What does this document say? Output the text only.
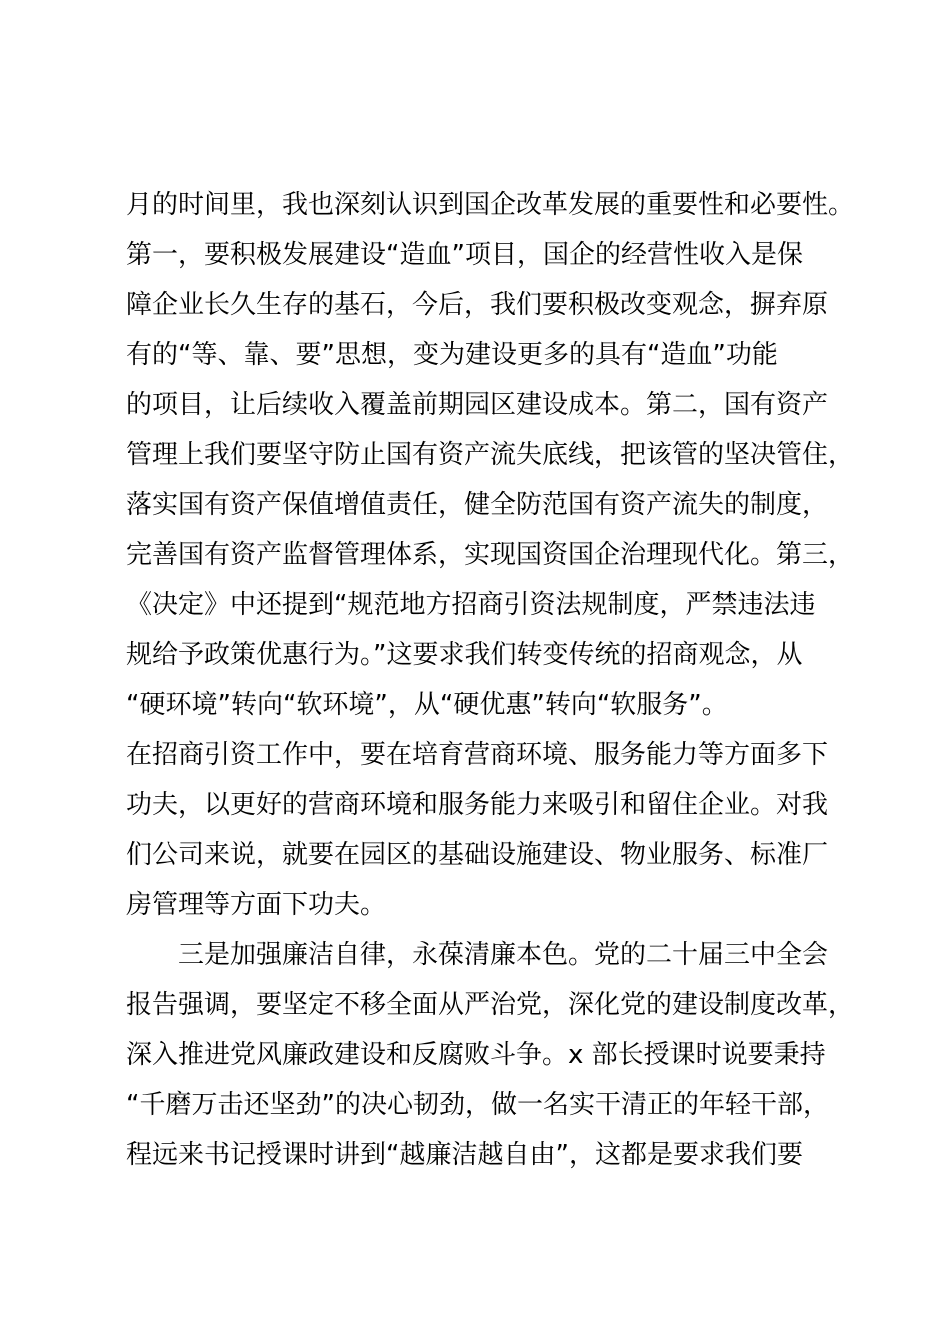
月的时间里，我也深刻认识到国企改革发展的重要性和必要性。
第一，要积极发展建设“造血”项目，国企的经营性收入是保
障企业长久生存的基石，今后，我们要积极改变观念，摒弃原
有的“等、靠、要”思想，变为建设更多的具有“造血”功能
的项目，让后续收入覆盖前期园区建设成本。第二，国有资产
管理上我们要坚守防止国有资产流失底线，把该管的坚决管住，
落实国有资产保值增值责任，健全防范国有资产流失的制度，
完善国有资产监督管理体系，实现国资国企治理现代化。第三，
《决定》中还提到“规范地方招商引资法规制度，严禁违法违
规给予政策优惠行为。”这要求我们转变传统的招商观念，从
“硬环境”转向“软环境”，从“硬优惠”转向“软服务”。
在招商引资工作中，要在培育营商环境、服务能力等方面多下
功夫，以更好的营商环境和服务能力来吸引和留住企业。对我
们公司来说，就要在园区的基础设施建设、物业服务、标准厂
房管理等方面下功夫。
三是加强廉洁自律，永葆清廉本色。党的二十届三中全会
报告强调，要坚定不移全面从严治党，深化党的建设制度改革，
深入推进党风廉政建设和反腐败斗争。x 部长授课时说要秉持
“千磨万击还坚劲”的决心韧劲，做一名实干清正的年轻干部，
程远来书记授课时讲到“越廉洁越自由”，这都是要求我们要
